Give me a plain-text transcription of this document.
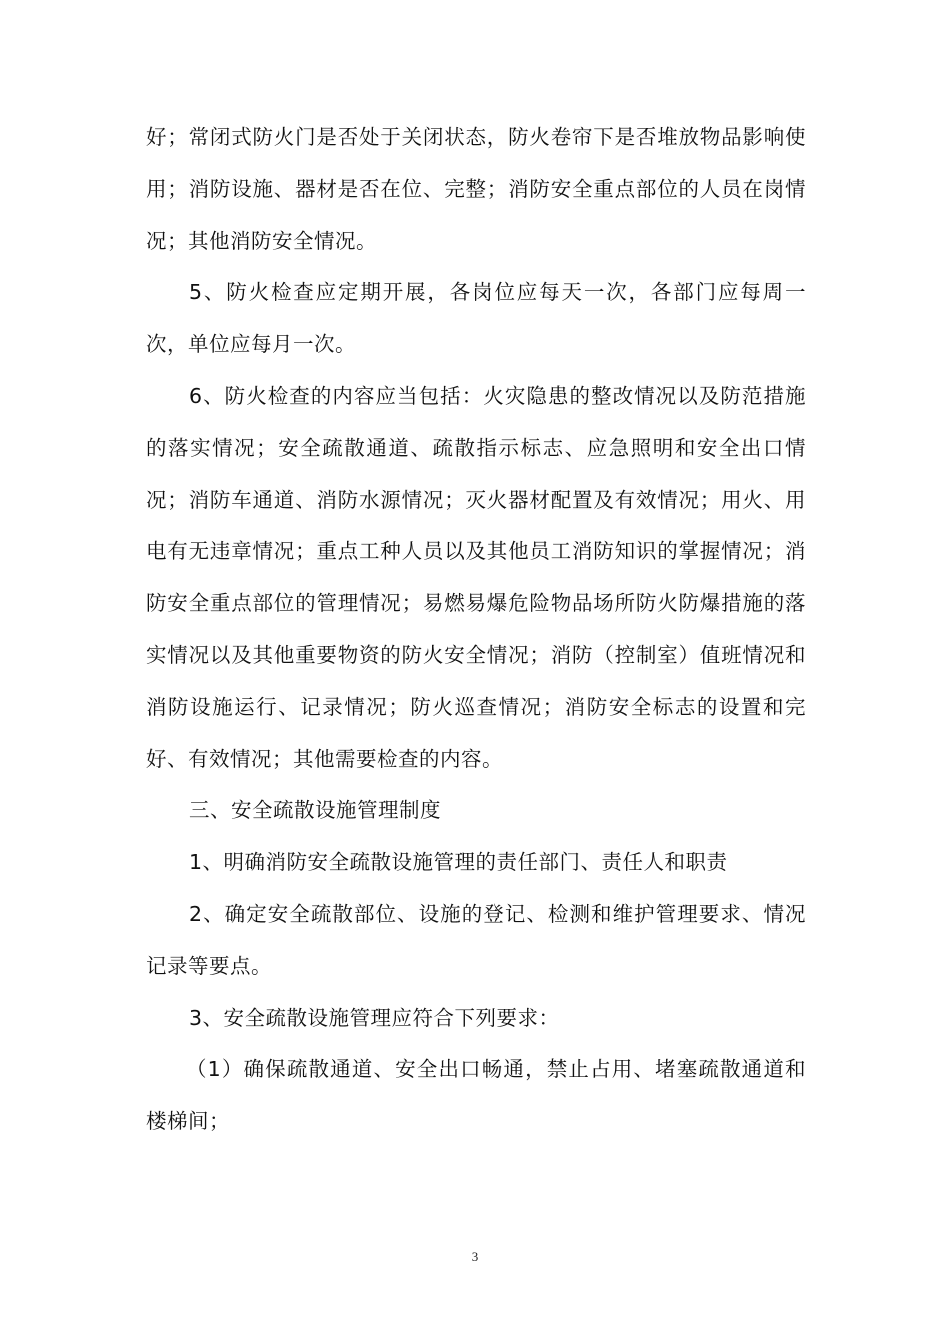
好；常闭式防火门是否处于关闭状态，防火卷帘下是否堆放物品影响使用；消防设施、器材是否在位、完整；消防安全重点部位的人员在岗情况；其他消防安全情况。

5、防火检查应定期开展，各岗位应每天一次，各部门应每周一次，单位应每月一次。

6、防火检查的内容应当包括：火灾隐患的整改情况以及防范措施的落实情况；安全疏散通道、疏散指示标志、应急照明和安全出口情况；消防车通道、消防水源情况；灭火器材配置及有效情况；用火、用电有无违章情况；重点工种人员以及其他员工消防知识的掌握情况；消防安全重点部位的管理情况；易燃易爆危险物品场所防火防爆措施的落实情况以及其他重要物资的防火安全情况；消防（控制室）值班情况和消防设施运行、记录情况；防火巡查情况；消防安全标志的设置和完好、有效情况；其他需要检查的内容。

三、安全疏散设施管理制度

1、明确消防安全疏散设施管理的责任部门、责任人和职责

2、确定安全疏散部位、设施的登记、检测和维护管理要求、情况记录等要点。

3、安全疏散设施管理应符合下列要求：

（1）确保疏散通道、安全出口畅通，禁止占用、堵塞疏散通道和楼梯间；

3
